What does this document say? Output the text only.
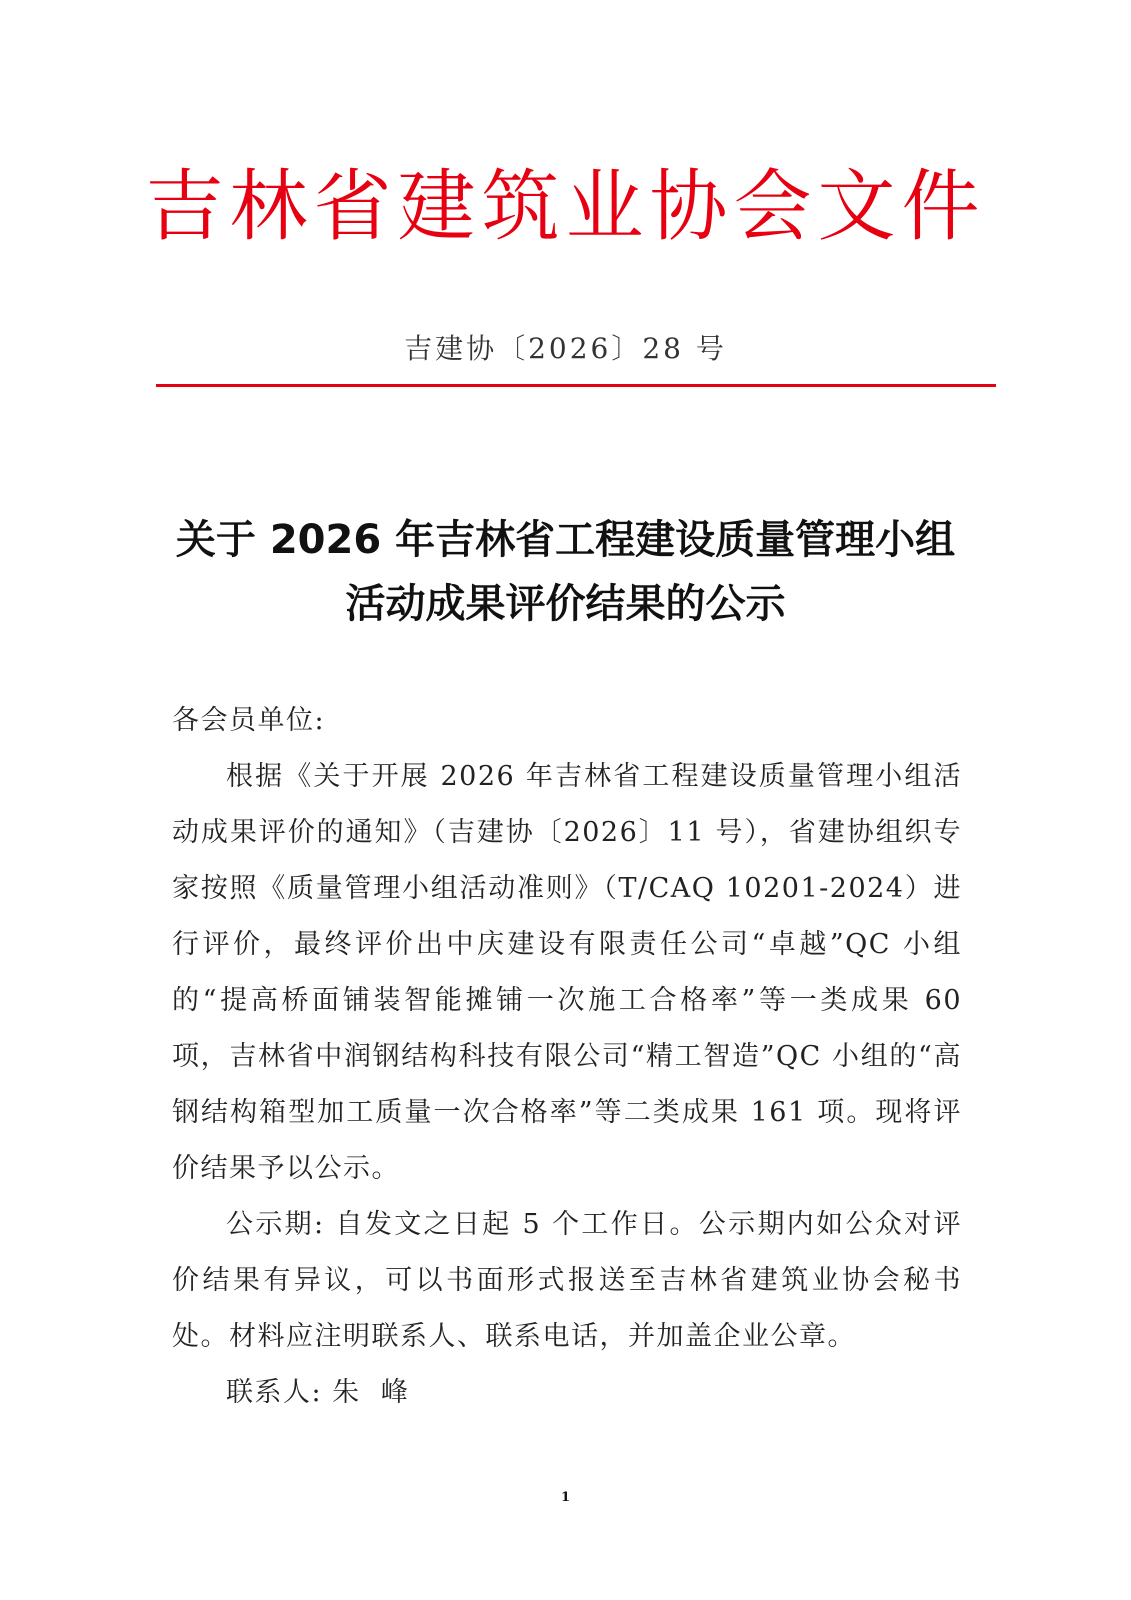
吉林省建筑业协会文件
吉建协〔2026〕28 号
关于 2026 年吉林省工程建设质量管理小组
活动成果评价结果的公示

各会员单位:

根据《关于开展 2026 年吉林省工程建设质量管理小组活动成果评价的通知》（吉建协〔2026〕11 号），省建协组织专家按照《质量管理小组活动准则》（T/CAQ 10201-2024）进行评价，最终评价出中庆建设有限责任公司“卓越”QC 小组的“提高桥面铺装智能摊铺一次施工合格率”等一类成果 60 项，吉林省中润钢结构科技有限公司“精工智造”QC 小组的“高钢结构箱型加工质量一次合格率”等二类成果 161 项。现将评价结果予以公示。

公示期: 自发文之日起 5 个工作日。公示期内如公众对评价结果有异议，可以书面形式报送至吉林省建筑业协会秘书处。材料应注明联系人、联系电话，并加盖企业公章。

联系人: 朱  峰

1
